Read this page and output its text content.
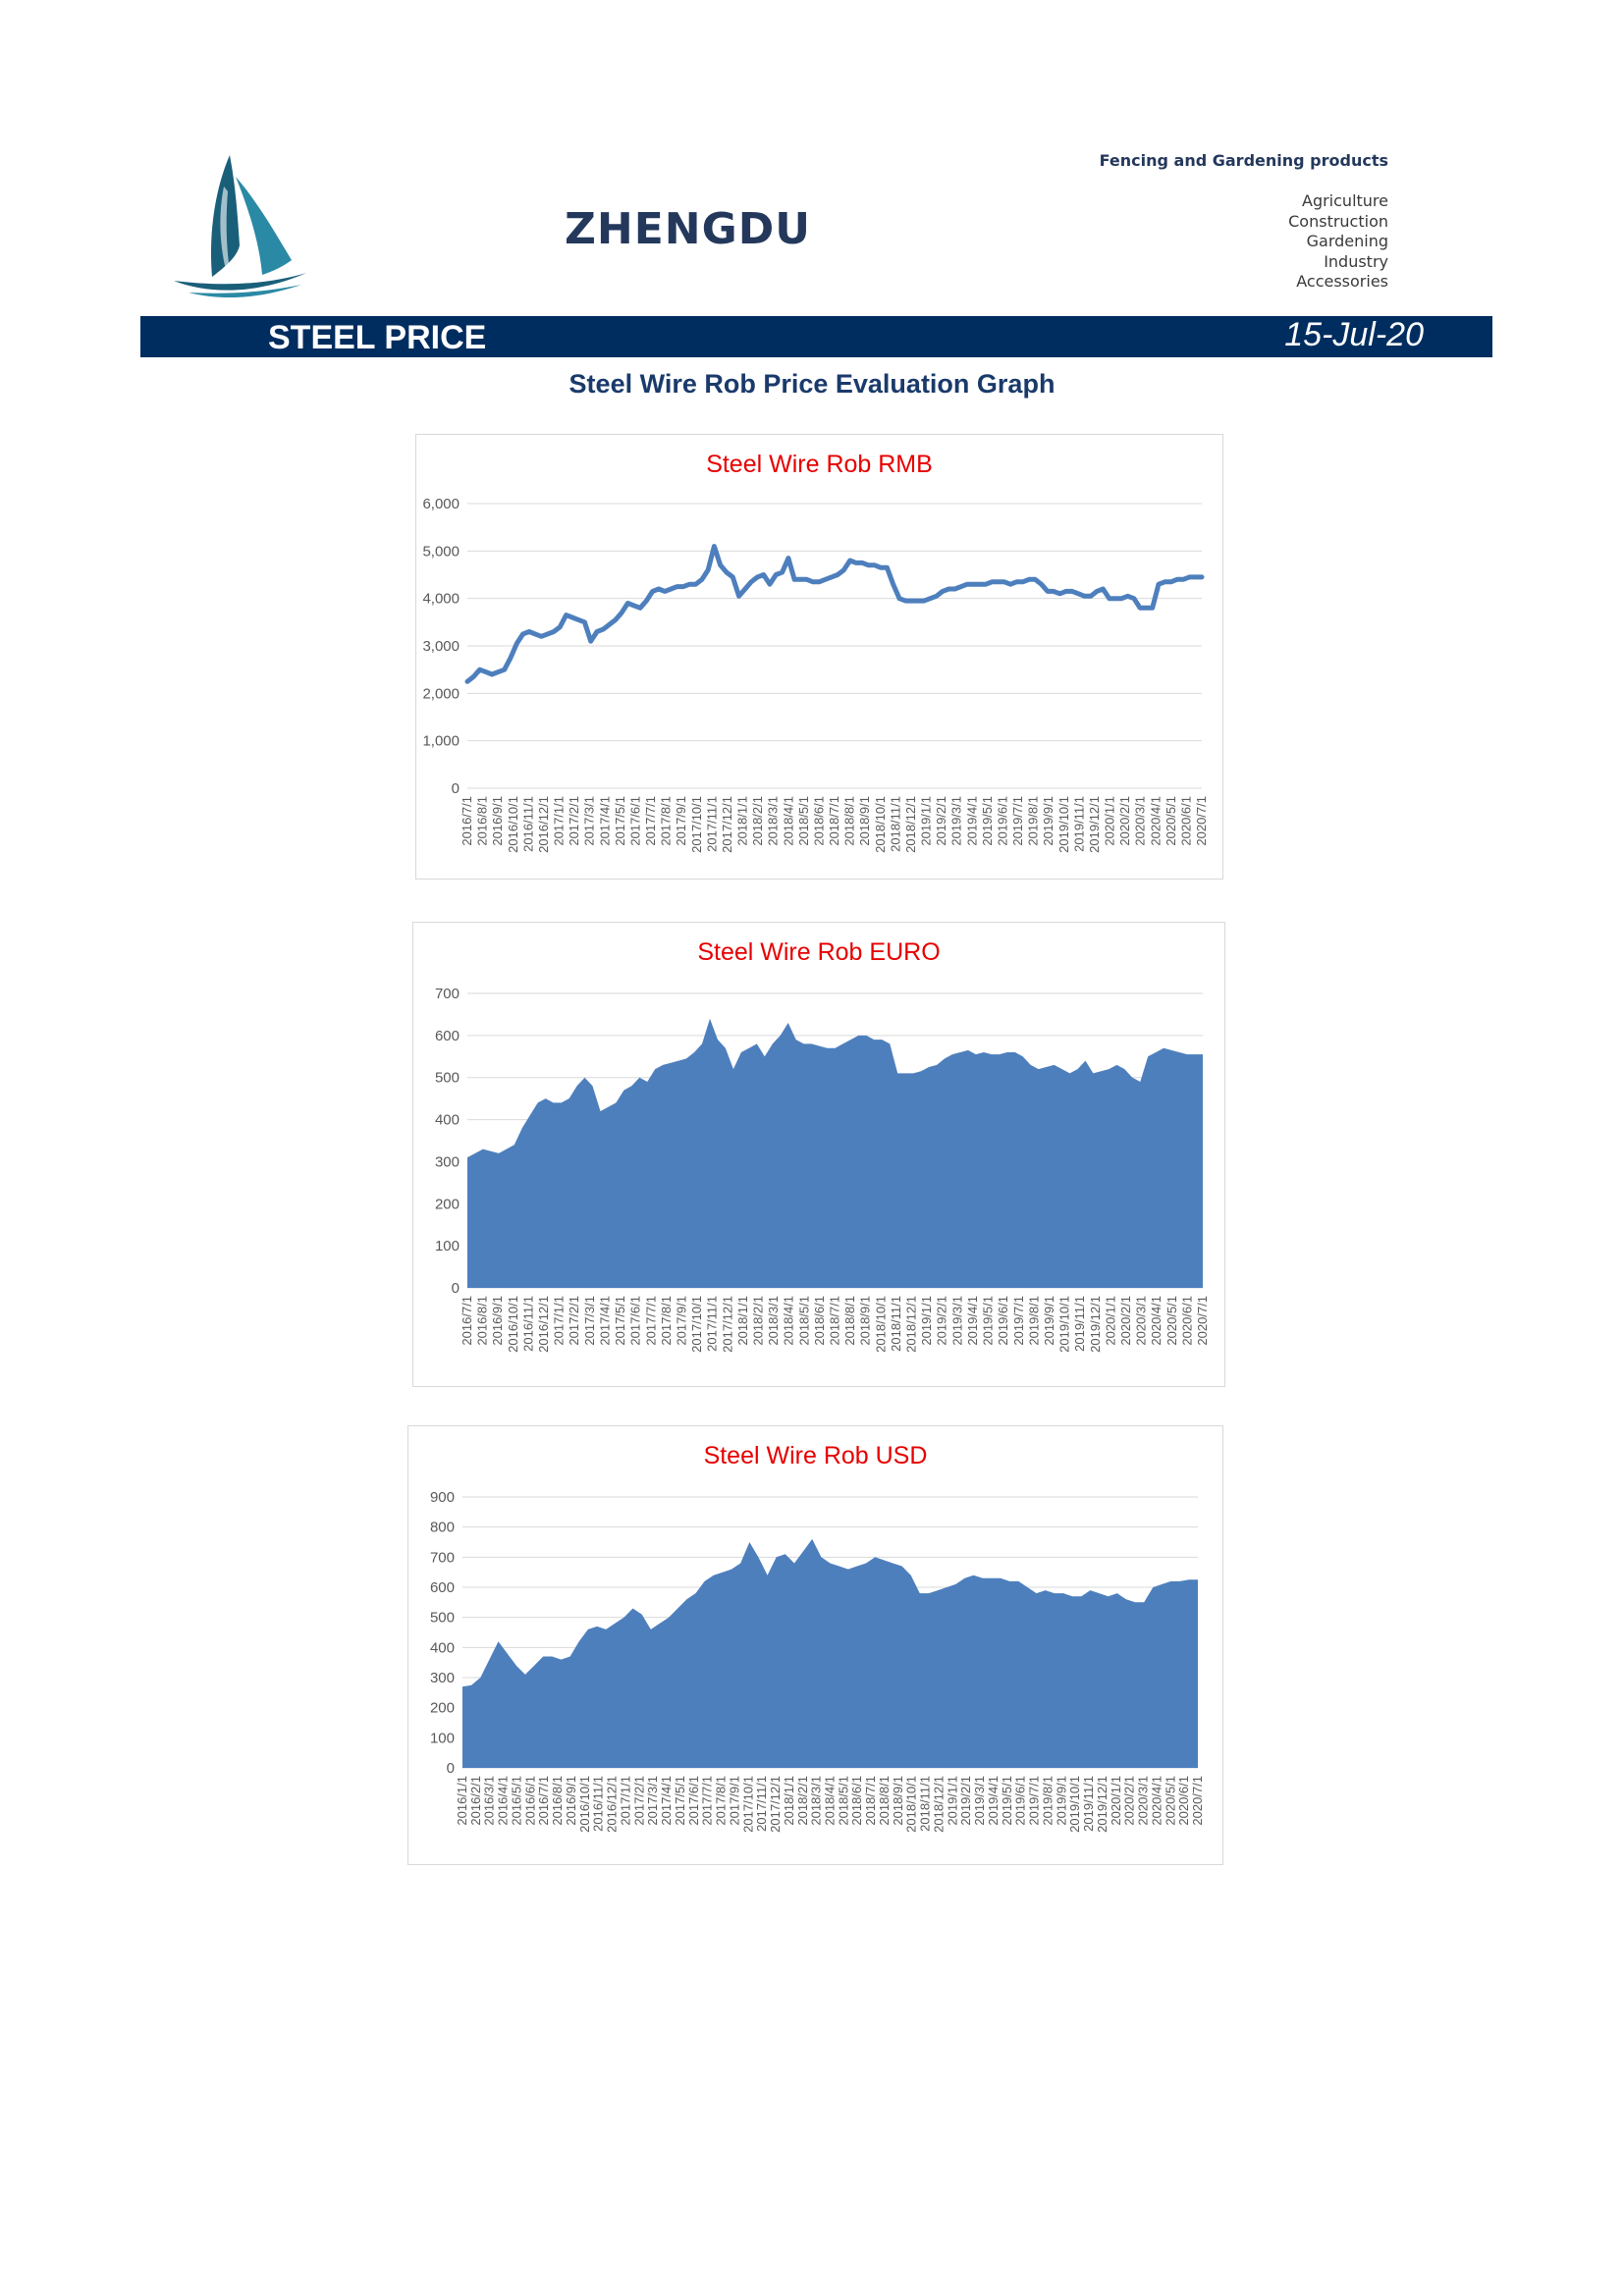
ZHENGDU
Fencing and Gardening products
Agriculture
Construction
Gardening
Industry
Accessories
STEEL PRICE	15-Jul-20
Steel Wire Rob Price Evaluation Graph
Steel Wire Rob RMB
0
1,000
2,000
3,000
4,000
5,000
6,000
2016/7/1 2016/8/1 2016/9/1 2016/10/1 2016/11/1 2016/12/1 2017/1/1 2017/2/1 2017/3/1 2017/4/1 2017/5/1 2017/6/1 2017/7/1 2017/8/1 2017/9/1 2017/10/1 2017/11/1 2017/12/1 2018/1/1 2018/2/1 2018/3/1 2018/4/1 2018/5/1 2018/6/1 2018/7/1 2018/8/1 2018/9/1 2018/10/1 2018/11/1 2018/12/1 2019/1/1 2019/2/1 2019/3/1 2019/4/1 2019/5/1 2019/6/1 2019/7/1 2019/8/1 2019/9/1 2019/10/1 2019/11/1 2019/12/1 2020/1/1 2020/2/1 2020/3/1 2020/4/1 2020/5/1 2020/6/1 2020/7/1
Steel Wire Rob EURO
0
100
200
300
400
500
600
700
2016/7/1 2016/8/1 2016/9/1 2016/10/1 2016/11/1 2016/12/1 2017/1/1 2017/2/1 2017/3/1 2017/4/1 2017/5/1 2017/6/1 2017/7/1 2017/8/1 2017/9/1 2017/10/1 2017/11/1 2017/12/1 2018/1/1 2018/2/1 2018/3/1 2018/4/1 2018/5/1 2018/6/1 2018/7/1 2018/8/1 2018/9/1 2018/10/1 2018/11/1 2018/12/1 2019/1/1 2019/2/1 2019/3/1 2019/4/1 2019/5/1 2019/6/1 2019/7/1 2019/8/1 2019/9/1 2019/10/1 2019/11/1 2019/12/1 2020/1/1 2020/2/1 2020/3/1 2020/4/1 2020/5/1 2020/6/1 2020/7/1
Steel Wire Rob USD
0
100
200
300
400
500
600
700
800
900
2016/1/1
2016/2/1
2016/3/1
2016/4/1
2016/5/1
2016/6/1
2016/7/1
2016/8/1
2016/9/1
2016/10/1
2016/11/1
2016/12/1
2017/1/1
2017/2/1
2017/3/1
2017/4/1
2017/5/1
2017/6/1
2017/7/1
2017/8/1
2017/9/1
2017/10/1
2017/11/1
2017/12/1
2018/1/1
2018/2/1
2018/3/1
2018/4/1
2018/5/1
2018/6/1
2018/7/1
2018/8/1
2018/9/1
2018/10/1
2018/11/1
2018/12/1
2019/1/1
2019/2/1
2019/3/1
2019/4/1
2019/5/1
2019/6/1
2019/7/1
2019/8/1
2019/9/1
2019/10/1
2019/11/1
2019/12/1
2020/1/1
2020/2/1
2020/3/1
2020/4/1
2020/5/1
2020/6/1
2020/7/1
